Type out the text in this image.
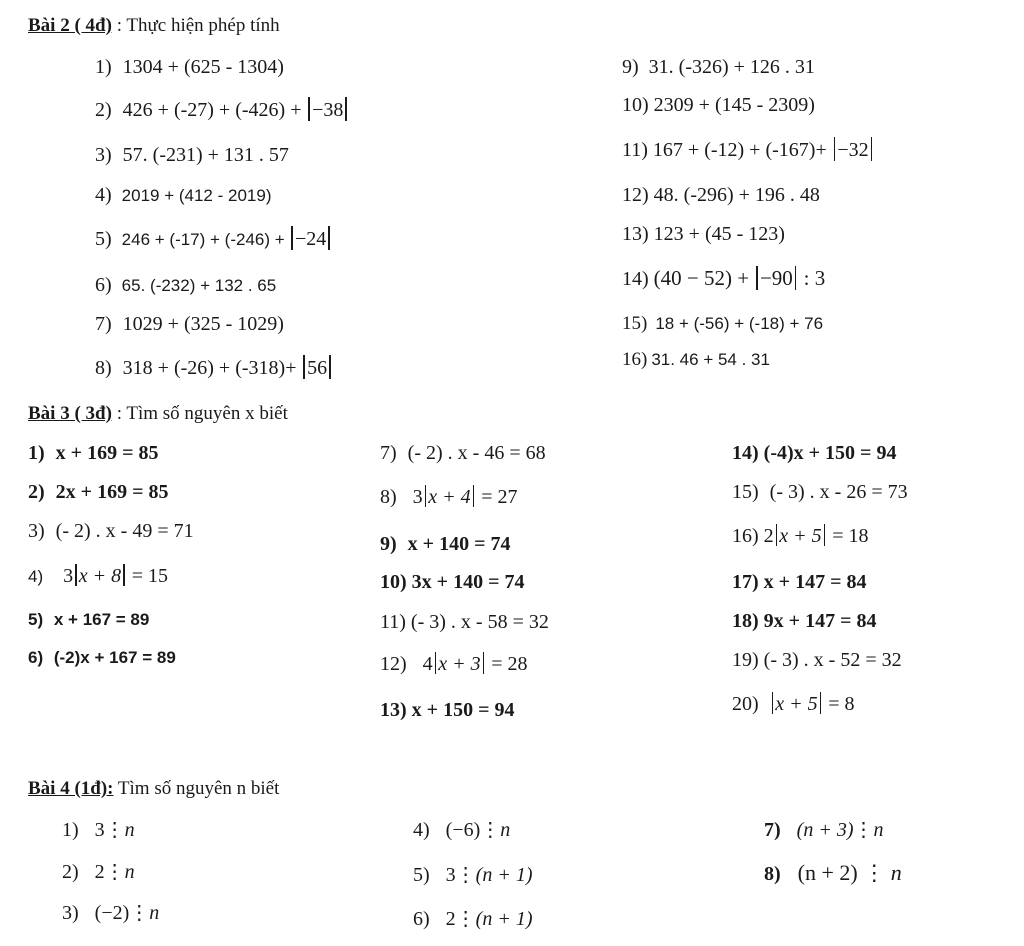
Bài 2 ( 4đ) : Thực hiện phép tính
1) 1304 + (625 - 1304)
2) 426 + (-27) + (-426) + −38
3) 57. (-231) + 131 . 57
4) 2019 + (412 - 2019)
5) 246 + (-17) + (-246) + −24
6) 65. (-232) + 132 . 65
7) 1029 + (325 - 1029)
8) 318 + (-26) + (-318)+ 56
9) 31. (-326) + 126 . 31
10) 2309 + (145 - 2309)
11) 167 + (-12) + (-167)+ −32
12) 48. (-296) + 196 . 48
13) 123 + (45 - 123)
14) (40 − 52) + −90 : 3
15) 18 + (-56) + (-18) + 76
16) 31. 46 + 54 . 31
Bài 3 ( 3đ) : Tìm số nguyên x biết
1) x + 169 = 85
2) 2x + 169 = 85
3) (- 2) . x - 49 = 71
4) 3 x + 8 = 15
5) x + 167 = 89
6) (-2)x + 167 = 89
7) (- 2) . x - 46 = 68
8) 3 x + 4 = 27
9) x + 140 = 74
10) 3x + 140 = 74
11) (- 3) . x - 58 = 32
12) 4 x + 3 = 28
13) x + 150 = 94
14) (-4)x + 150 = 94
15) (- 3) . x - 26 = 73
16) 2 x + 5 = 18
17) x + 147 = 84
18) 9x + 147 = 84
19) (- 3) . x - 52 = 32
20) x + 5 = 8
Bài 4 (1đ): Tìm số nguyên n biết
1) 3⋮n
2) 2⋮n
3) (−2)⋮n
4) (−6)⋮n
5) 3⋮(n + 1)
6) 2⋮(n + 1)
7) (n + 3)⋮n
8) (n + 2) ⋮ n
